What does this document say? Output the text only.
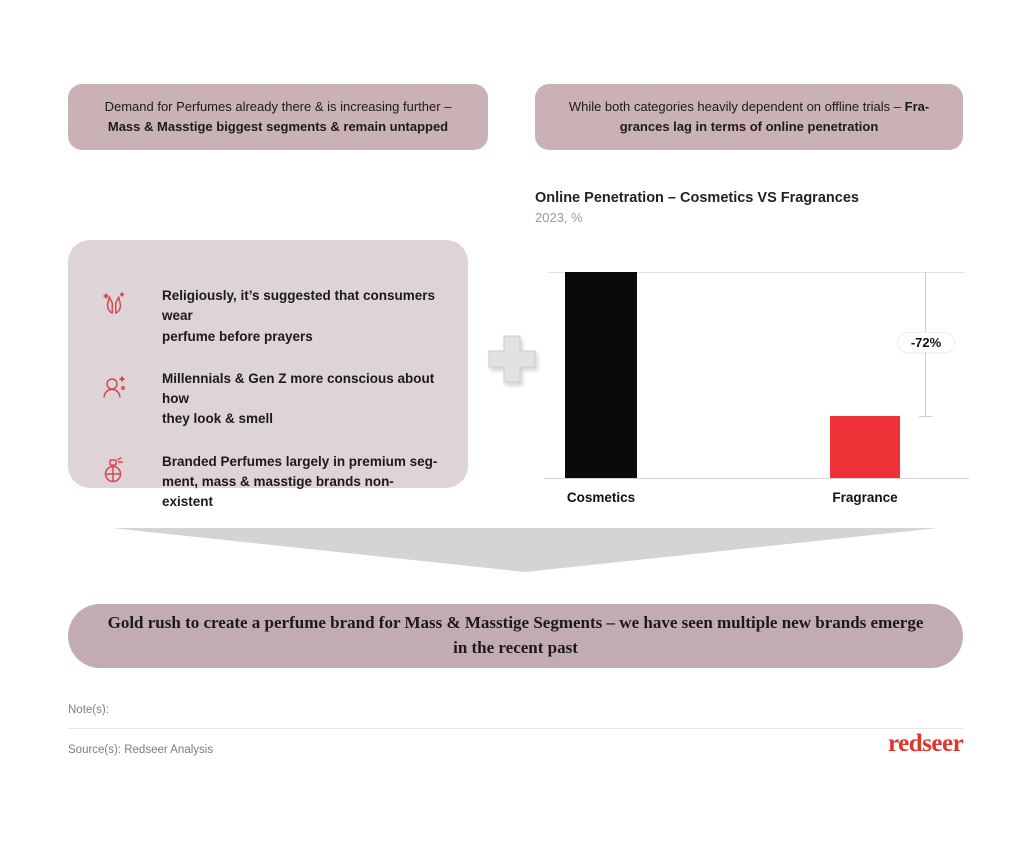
Demand for Perfumes already there & is increasing further –
Mass & Masstige biggest segments & remain untapped
While both categories heavily dependent on offline trials – Fra-
grances lag in terms of online penetration
Online Penetration – Cosmetics VS Fragrances
2023, %
Religiously, it’s suggested that consumers wear
perfume before prayers
Millennials & Gen Z more conscious about how
they look & smell
Branded Perfumes largely in premium seg-
ment, mass & masstige brands non-existent
-72%
Cosmetics	Fragrance
Gold rush to create a perfume brand for Mass & Masstige Segments – we have seen multiple new brands emerge in the recent past
Note(s):
Source(s): Redseer Analysis	redseer
